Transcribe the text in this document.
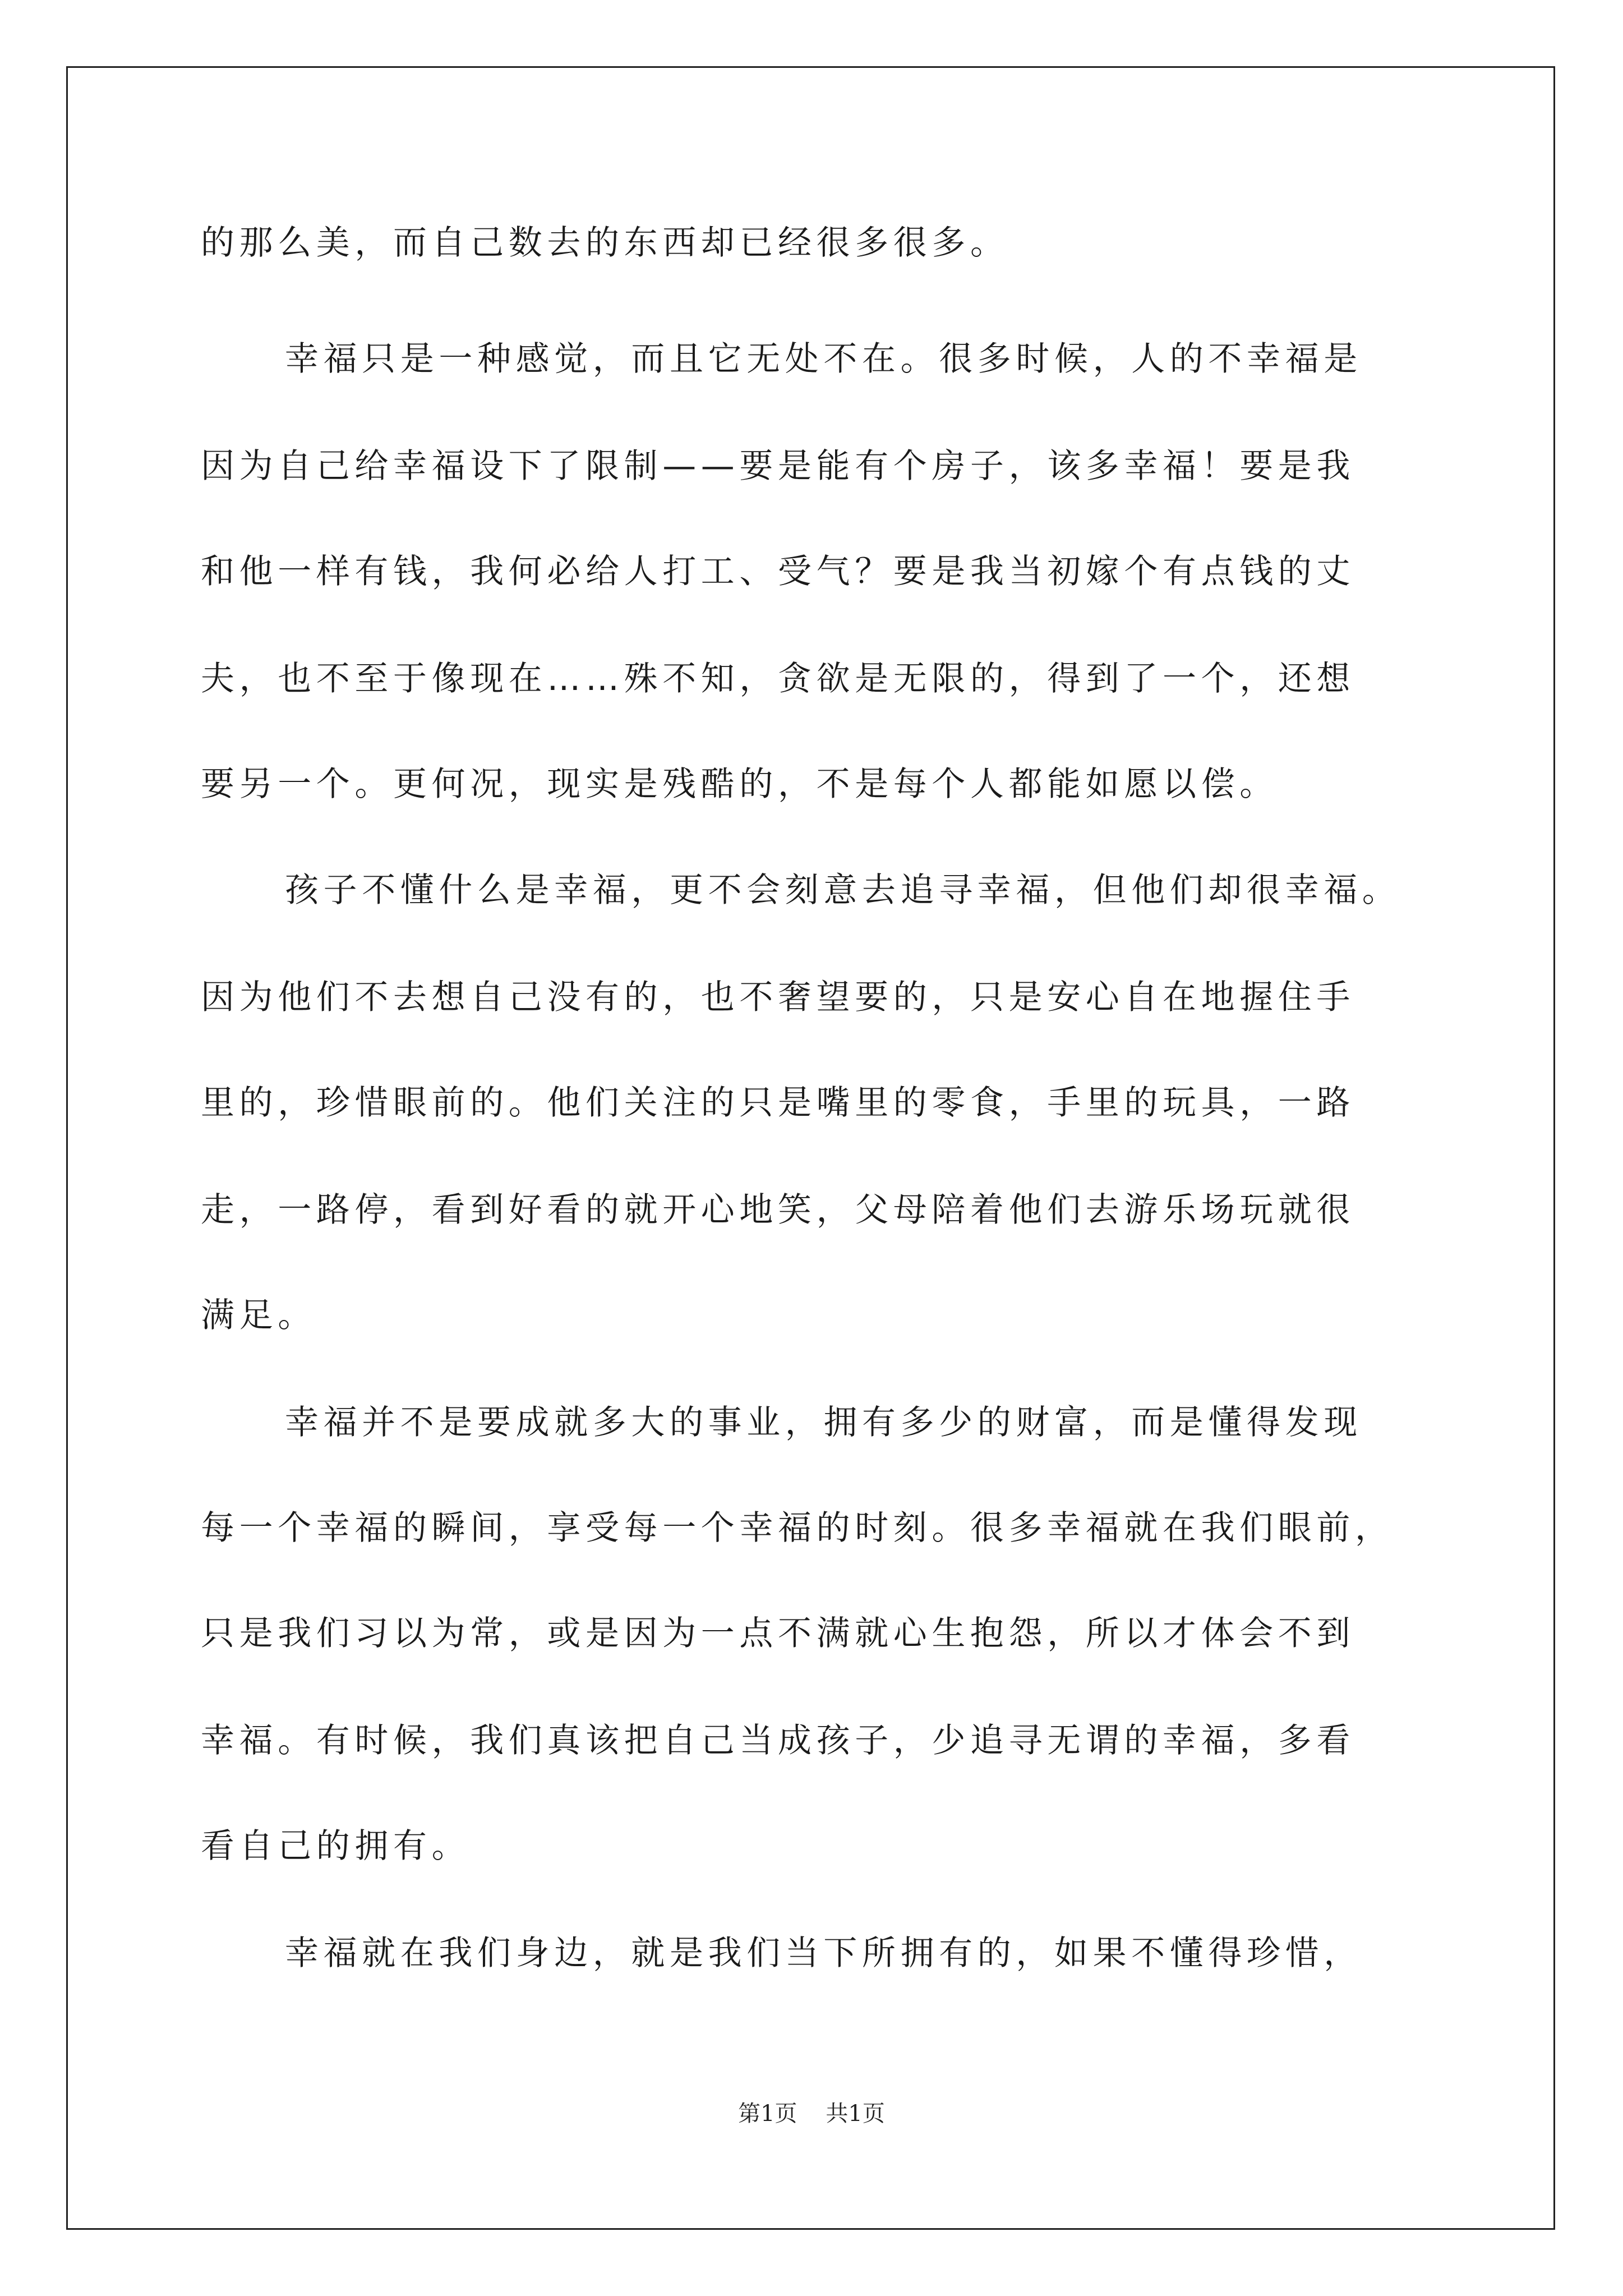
的那么美，而自己数去的东西却已经很多很多。
幸福只是一种感觉，而且它无处不在。很多时候，人的不幸福是
因为自己给幸福设下了限制——要是能有个房子，该多幸福！要是我
和他一样有钱，我何必给人打工、受气？要是我当初嫁个有点钱的丈
夫，也不至于像现在……殊不知，贪欲是无限的，得到了一个，还想
要另一个。更何况，现实是残酷的，不是每个人都能如愿以偿。
孩子不懂什么是幸福，更不会刻意去追寻幸福，但他们却很幸福。
因为他们不去想自己没有的，也不奢望要的，只是安心自在地握住手
里的，珍惜眼前的。他们关注的只是嘴里的零食，手里的玩具，一路
走，一路停，看到好看的就开心地笑，父母陪着他们去游乐场玩就很
满足。
幸福并不是要成就多大的事业，拥有多少的财富，而是懂得发现
每一个幸福的瞬间，享受每一个幸福的时刻。很多幸福就在我们眼前，
只是我们习以为常，或是因为一点不满就心生抱怨，所以才体会不到
幸福。有时候，我们真该把自己当成孩子，少追寻无谓的幸福，多看
看自己的拥有。
幸福就在我们身边，就是我们当下所拥有的，如果不懂得珍惜，
第1页 共1页
